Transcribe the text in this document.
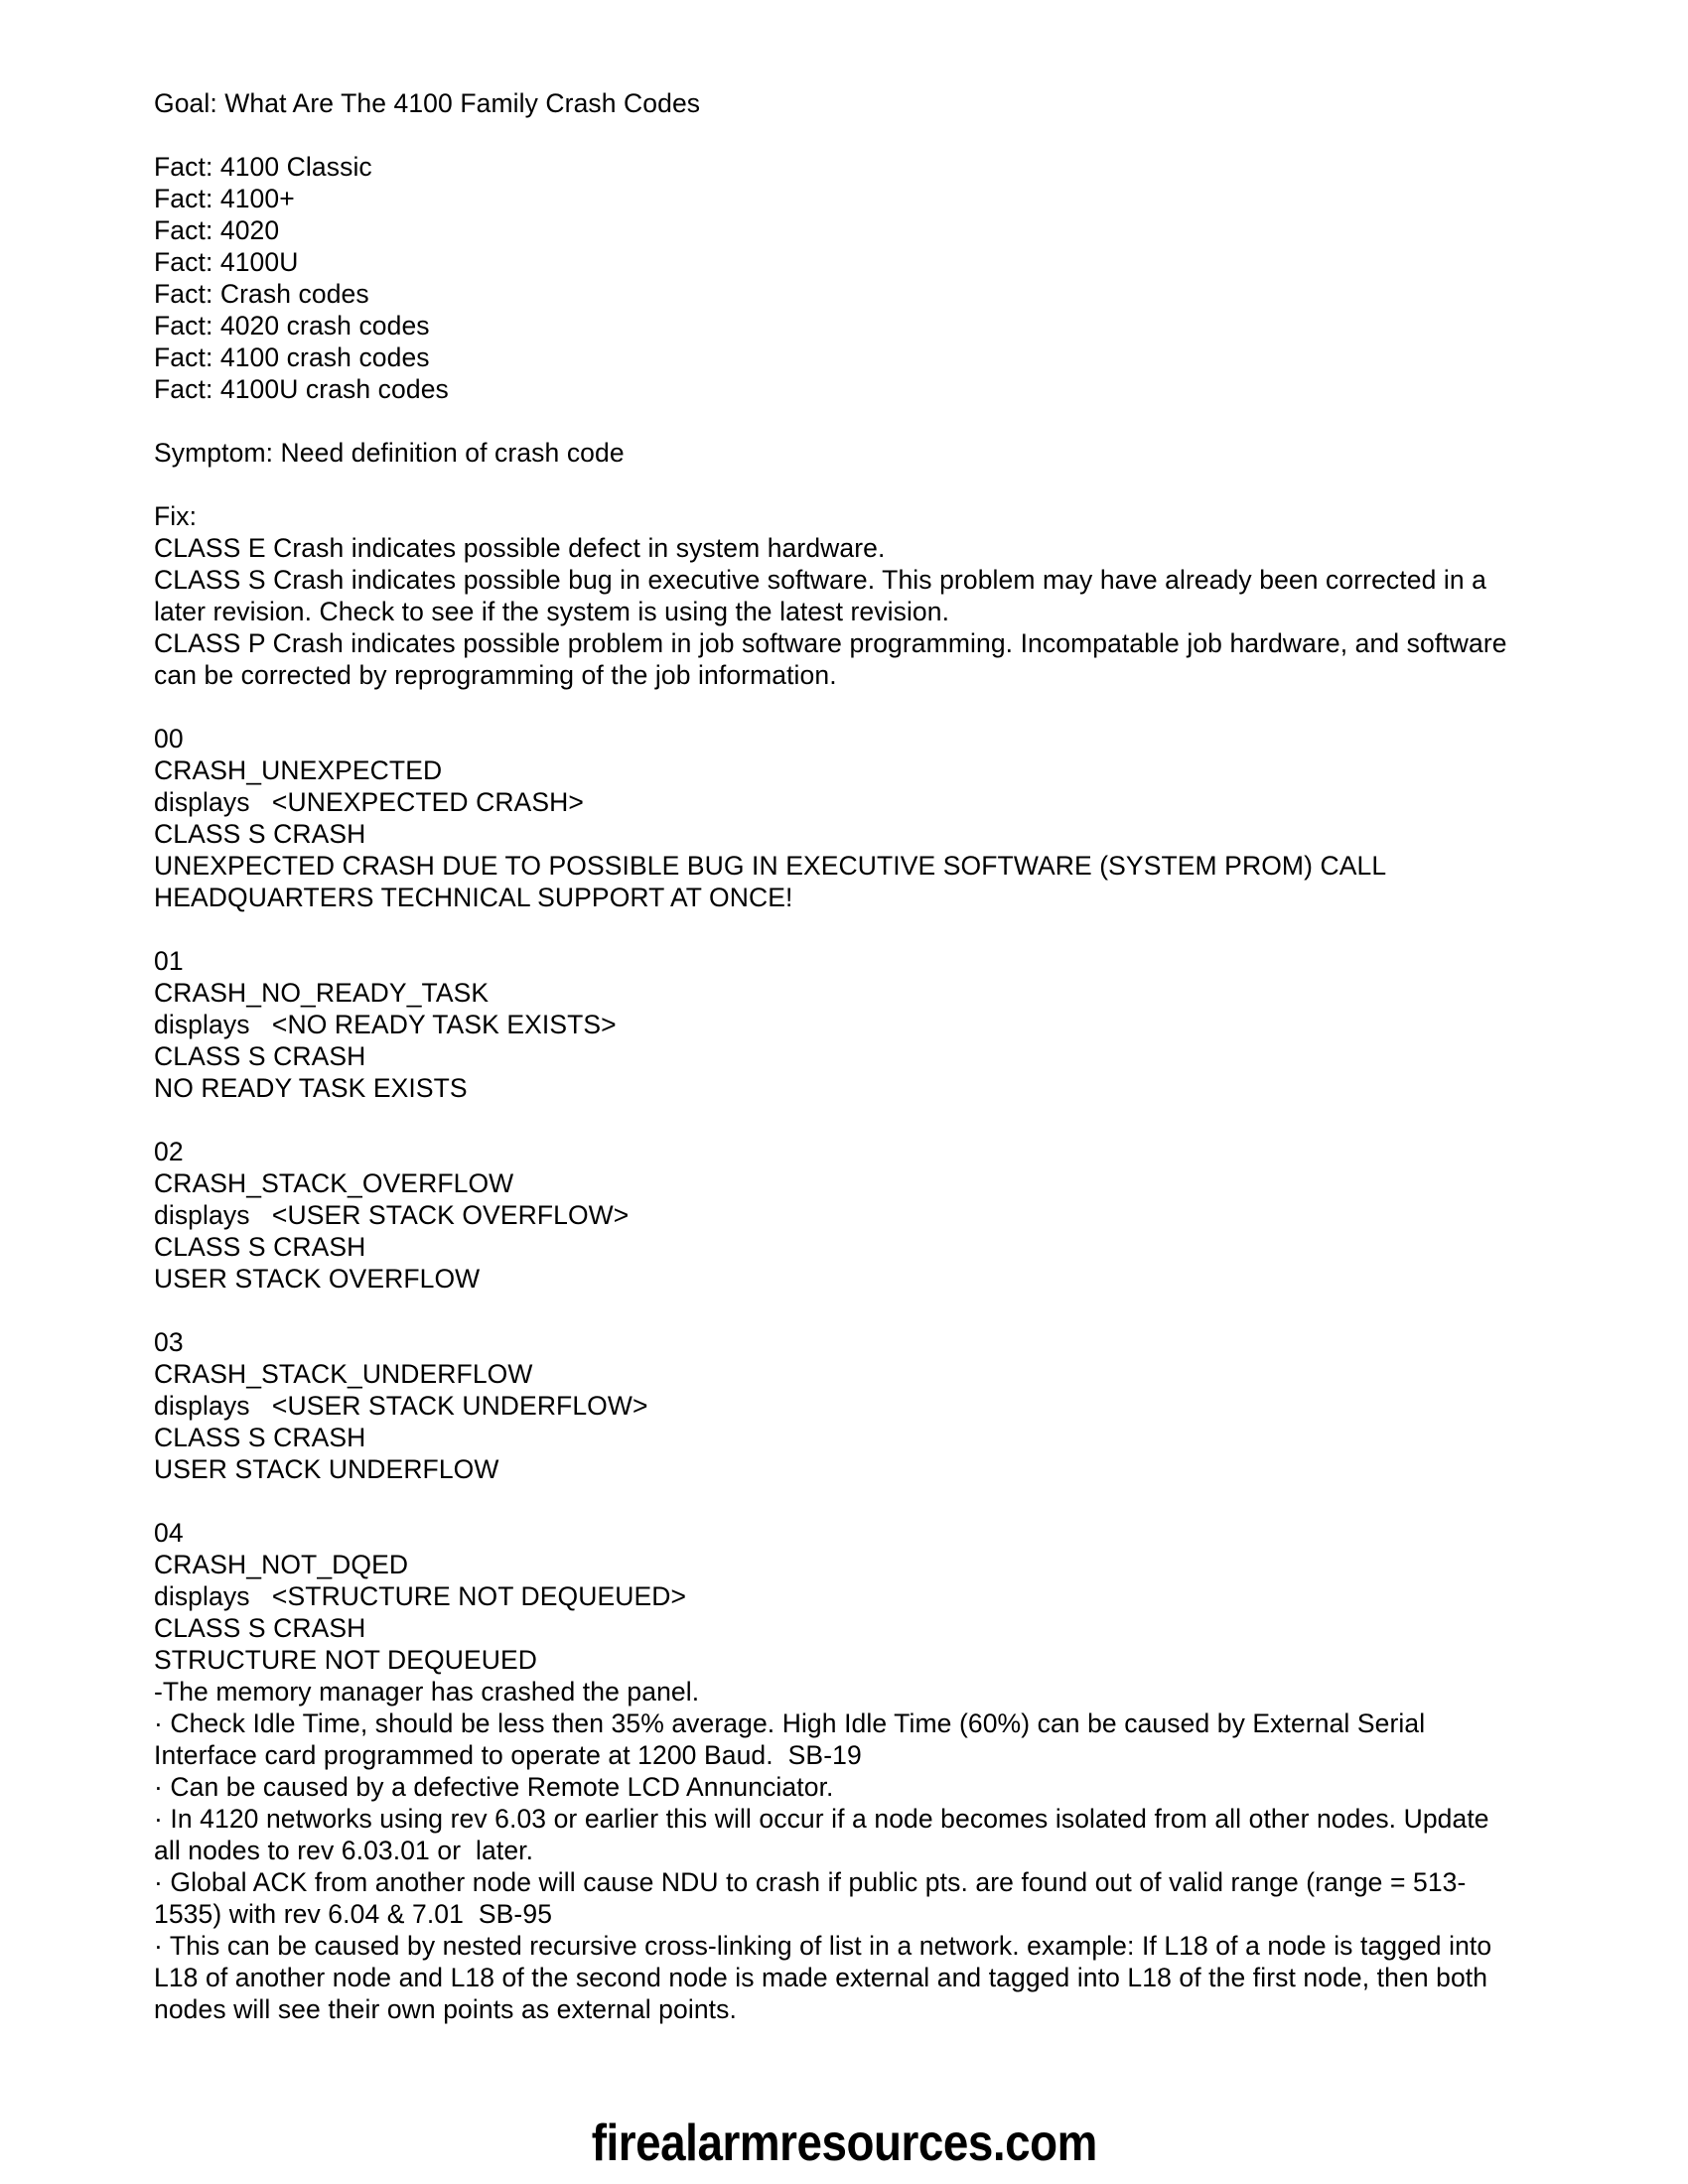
Goal: What Are The 4100 Family Crash Codes

Fact: 4100 Classic
Fact: 4100+
Fact: 4020
Fact: 4100U
Fact: Crash codes
Fact: 4020 crash codes
Fact: 4100 crash codes
Fact: 4100U crash codes

Symptom: Need definition of crash code

Fix:
CLASS E Crash indicates possible defect in system hardware.
CLASS S Crash indicates possible bug in executive software. This problem may have already been corrected in a later revision. Check to see if the system is using the latest revision.
CLASS P Crash indicates possible problem in job software programming. Incompatable job hardware, and software can be corrected by reprogramming of the job information.

00
CRASH_UNEXPECTED
displays   <UNEXPECTED CRASH>
CLASS S CRASH
UNEXPECTED CRASH DUE TO POSSIBLE BUG IN EXECUTIVE SOFTWARE (SYSTEM PROM) CALL HEADQUARTERS TECHNICAL SUPPORT AT ONCE!

01
CRASH_NO_READY_TASK
displays   <NO READY TASK EXISTS>
CLASS S CRASH
NO READY TASK EXISTS

02
CRASH_STACK_OVERFLOW
displays   <USER STACK OVERFLOW>
CLASS S CRASH
USER STACK OVERFLOW

03
CRASH_STACK_UNDERFLOW
displays   <USER STACK UNDERFLOW>
CLASS S CRASH
USER STACK UNDERFLOW

04
CRASH_NOT_DQED
displays   <STRUCTURE NOT DEQUEUED>
CLASS S CRASH
STRUCTURE NOT DEQUEUED
-The memory manager has crashed the panel.
· Check Idle Time, should be less then 35% average. High Idle Time (60%) can be caused by External Serial Interface card programmed to operate at 1200 Baud.  SB-19
· Can be caused by a defective Remote LCD Annunciator.
· In 4120 networks using rev 6.03 or earlier this will occur if a node becomes isolated from all other nodes. Update all nodes to rev 6.03.01 or  later.
· Global ACK from another node will cause NDU to crash if public pts. are found out of valid range (range = 513-1535) with rev 6.04 & 7.01  SB-95
· This can be caused by nested recursive cross-linking of list in a network. example: If L18 of a node is tagged into L18 of another node and L18 of the second node is made external and tagged into L18 of the first node, then both nodes will see their own points as external points.
firealarmresources.com
